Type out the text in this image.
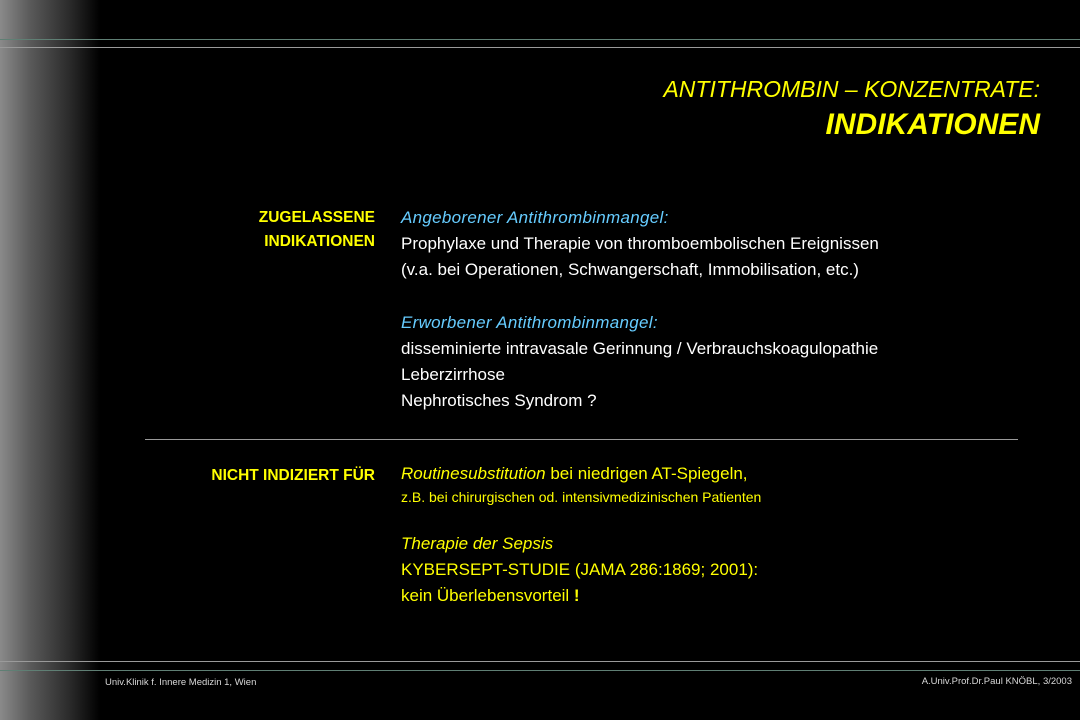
ANTITHROMBIN – KONZENTRATE:
INDIKATIONEN
ZUGELASSENE
INDIKATIONEN
Angeborener Antithrombinmangel:
Prophylaxe und Therapie von thromboembolischen Ereignissen
(v.a. bei Operationen, Schwangerschaft, Immobilisation, etc.)
Erworbener Antithrombinmangel:
disseminierte intravasale Gerinnung / Verbrauchskoagulopathie
Leberzirrhose
Nephrotisches Syndrom ?
NICHT INDIZIERT FÜR Routinesubstitution bei niedrigen AT-Spiegeln,
z.B. bei chirurgischen od. intensivmedizinischen Patienten
Therapie der Sepsis
KYBERSEPT-STUDIE (JAMA 286:1869; 2001):
kein Überlebensvorteil !
Univ.Klinik f. Innere Medizin 1, Wien	A.Univ.Prof.Dr.Paul KNÖBL, 3/2003
